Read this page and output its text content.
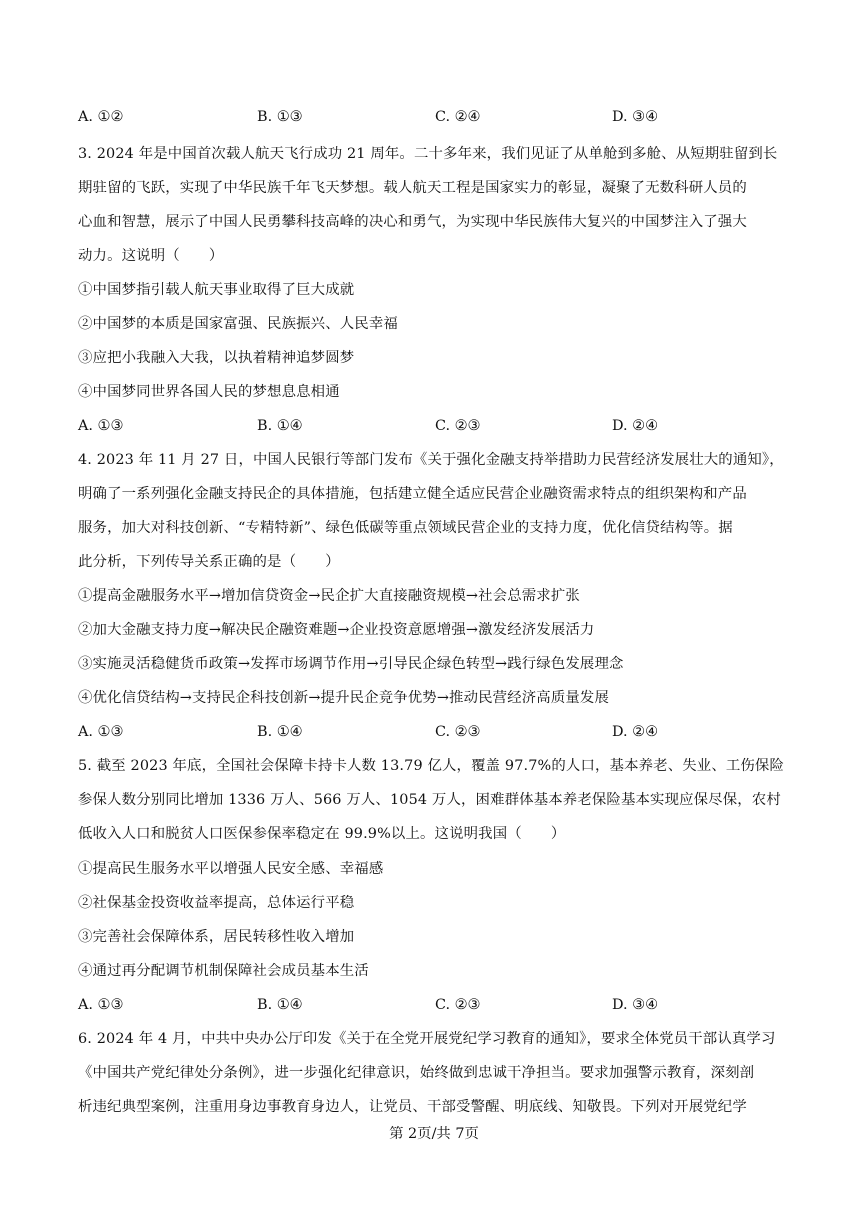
A. ①②	B. ①③	C. ②④	D. ③④
3. 2024 年是中国首次载人航天飞行成功 21 周年。二十多年来，我们见证了从单舱到多舱、从短期驻留到长
期驻留的飞跃，实现了中华民族千年飞天梦想。载人航天工程是国家实力的彰显，凝聚了无数科研人员的
心血和智慧，展示了中国人民勇攀科技高峰的决心和勇气，为实现中华民族伟大复兴的中国梦注入了强大
动力。这说明（　　）
①中国梦指引载人航天事业取得了巨大成就
②中国梦的本质是国家富强、民族振兴、人民幸福
③应把小我融入大我，以执着精神追梦圆梦
④中国梦同世界各国人民的梦想息息相通
A. ①③	B. ①④	C. ②③	D. ②④
4. 2023 年 11 月 27 日，中国人民银行等部门发布《关于强化金融支持举措助力民营经济发展壮大的通知》，
明确了一系列强化金融支持民企的具体措施，包括建立健全适应民营企业融资需求特点的组织架构和产品
服务，加大对科技创新、“专精特新”、绿色低碳等重点领域民营企业的支持力度，优化信贷结构等。据
此分析，下列传导关系正确的是（　　）
①提高金融服务水平→增加信贷资金→民企扩大直接融资规模→社会总需求扩张
②加大金融支持力度→解决民企融资难题→企业投资意愿增强→激发经济发展活力
③实施灵活稳健货币政策→发挥市场调节作用→引导民企绿色转型→践行绿色发展理念
④优化信贷结构→支持民企科技创新→提升民企竞争优势→推动民营经济高质量发展
A. ①③	B. ①④	C. ②③	D. ②④
5. 截至 2023 年底，全国社会保障卡持卡人数 13.79 亿人，覆盖 97.7%的人口，基本养老、失业、工伤保险
参保人数分别同比增加 1336 万人、566 万人、1054 万人，困难群体基本养老保险基本实现应保尽保，农村
低收入人口和脱贫人口医保参保率稳定在 99.9%以上。这说明我国（　　）
①提高民生服务水平以增强人民安全感、幸福感
②社保基金投资收益率提高，总体运行平稳
③完善社会保障体系，居民转移性收入增加
④通过再分配调节机制保障社会成员基本生活
A. ①③	B. ①④	C. ②③	D. ③④
6. 2024 年 4 月，中共中央办公厅印发《关于在全党开展党纪学习教育的通知》，要求全体党员干部认真学习
《中国共产党纪律处分条例》，进一步强化纪律意识，始终做到忠诚干净担当。要求加强警示教育，深刻剖
析违纪典型案例，注重用身边事教育身边人，让党员、干部受警醒、明底线、知敬畏。下列对开展党纪学
第 2页/共 7页
